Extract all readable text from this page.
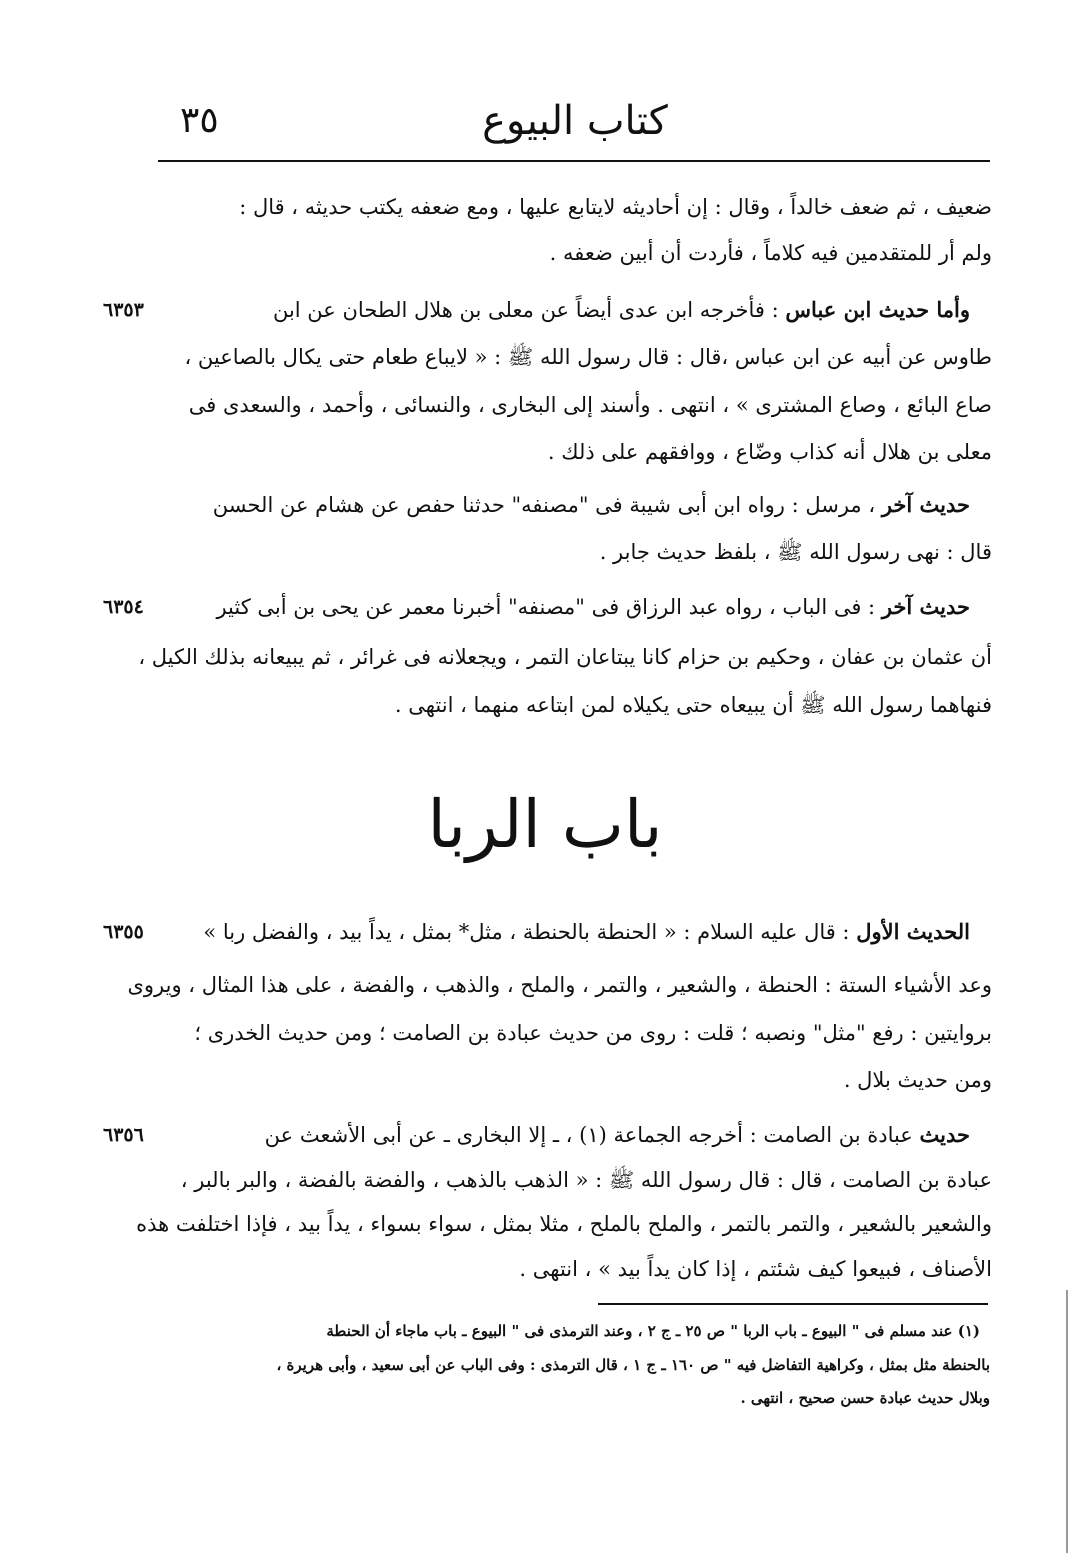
كتاب البيوع
٣٥
ضعيف ، ثم ضعف خالداً ، وقال : إن أحاديثه لايتابع عليها ، ومع ضعفه يكتب حديثه ، قال :
ولم أر للمتقدمين فيه كلاماً ، فأردت أن أبين ضعفه .
وأما حديث ابن عباس : فأخرجه ابن عدى أيضاً عن معلى بن هلال الطحان عن ابن
٦٣٥٣
طاوس عن أبيه عن ابن عباس ،قال : قال رسول الله ﷺ : « لايباع طعام حتى يكال بالصاعين ،
صاع البائع ، وصاع المشترى » ، انتهى . وأسند إلى البخارى ، والنسائى ، وأحمد ، والسعدى فى
معلى بن هلال أنه كذاب وضّاع ، ووافقهم على ذلك .
حديث آخر ، مرسل : رواه ابن أبى شيبة فى "مصنفه" حدثنا حفص عن هشام عن الحسن
قال : نهى رسول الله ﷺ ، بلفظ حديث جابر .
حديث آخر : فى الباب ، رواه عبد الرزاق فى "مصنفه" أخبرنا معمر عن يحى بن أبى كثير
٦٣٥٤
أن عثمان بن عفان ، وحكيم بن حزام كانا يبتاعان التمر ، ويجعلانه فى غرائر ، ثم يبيعانه بذلك الكيل ،
فنهاهما رسول الله ﷺ أن يبيعاه حتى يكيلاه لمن ابتاعه منهما ، انتهى .
باب الربا
الحديث الأول : قال عليه السلام : « الحنطة بالحنطة ، مثل* بمثل ، يداً بيد ، والفضل ربا »
٦٣٥٥
وعد الأشياء الستة : الحنطة ، والشعير ، والتمر ، والملح ، والذهب ، والفضة ، على هذا المثال ، ويروى
بروايتين : رفع "مثل" ونصبه ؛ قلت : روى من حديث عبادة بن الصامت ؛ ومن حديث الخدرى ؛
ومن حديث بلال .
حديث عبادة بن الصامت : أخرجه الجماعة (١) ، ـ إلا البخارى ـ عن أبى الأشعث عن
٦٣٥٦
عبادة بن الصامت ، قال : قال رسول الله ﷺ : « الذهب بالذهب ، والفضة بالفضة ، والبر بالبر ،
والشعير بالشعير ، والتمر بالتمر ، والملح بالملح ، مثلا بمثل ، سواء بسواء ، يداً بيد ، فإذا اختلفت هذه
الأصناف ، فبيعوا كيف شئتم ، إذا كان يداً بيد » ، انتهى .
(١) عند مسلم فى " البيوع ـ باب الربا " ص ٢٥ ـ ج ٢ ، وعند الترمذى فى " البيوع ـ باب ماجاء أن الحنطة
بالحنطة مثل بمثل ، وكراهية التفاضل فيه " ص ١٦٠ ـ ج ١ ، قال الترمذى : وفى الباب عن أبى سعيد ، وأبى هريرة ،
وبلال حديث عبادة حسن صحيح ، انتهى .
